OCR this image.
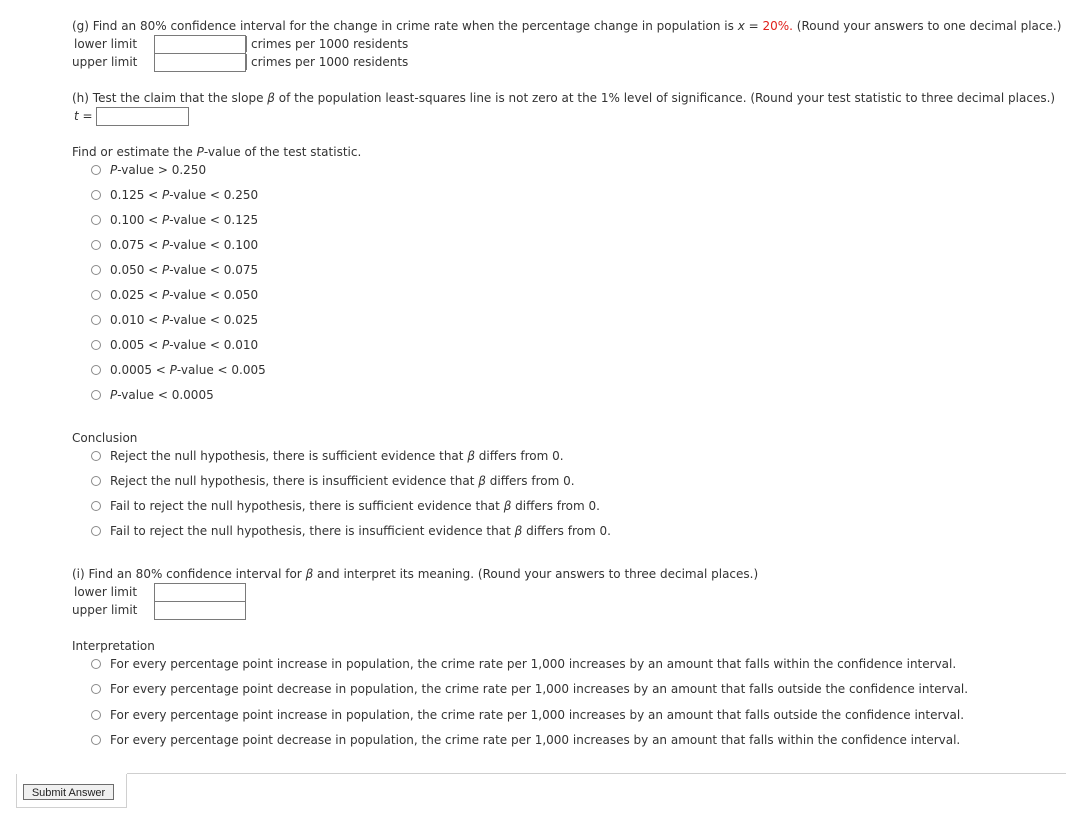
(g) Find an 80% confidence interval for the change in crime rate when the percentage change in population is x = 20%. (Round your answers to one decimal place.)
lower limit	crimes per 1000 residents
upper limit	crimes per 1000 residents
(h) Test the claim that the slope β of the population least-squares line is not zero at the 1% level of significance. (Round your test statistic to three decimal places.)
t =
Find or estimate the P-value of the test statistic.
P-value > 0.250
0.125 < P-value < 0.250
0.100 < P-value < 0.125
0.075 < P-value < 0.100
0.050 < P-value < 0.075
0.025 < P-value < 0.050
0.010 < P-value < 0.025
0.005 < P-value < 0.010
0.0005 < P-value < 0.005
P-value < 0.0005
Conclusion
Reject the null hypothesis, there is sufficient evidence that β differs from 0.
Reject the null hypothesis, there is insufficient evidence that β differs from 0.
Fail to reject the null hypothesis, there is sufficient evidence that β differs from 0.
Fail to reject the null hypothesis, there is insufficient evidence that β differs from 0.
(i) Find an 80% confidence interval for β and interpret its meaning. (Round your answers to three decimal places.)
lower limit
upper limit
Interpretation
For every percentage point increase in population, the crime rate per 1,000 increases by an amount that falls within the confidence interval.
For every percentage point decrease in population, the crime rate per 1,000 increases by an amount that falls outside the confidence interval.
For every percentage point increase in population, the crime rate per 1,000 increases by an amount that falls outside the confidence interval.
For every percentage point decrease in population, the crime rate per 1,000 increases by an amount that falls within the confidence interval.
Submit Answer
